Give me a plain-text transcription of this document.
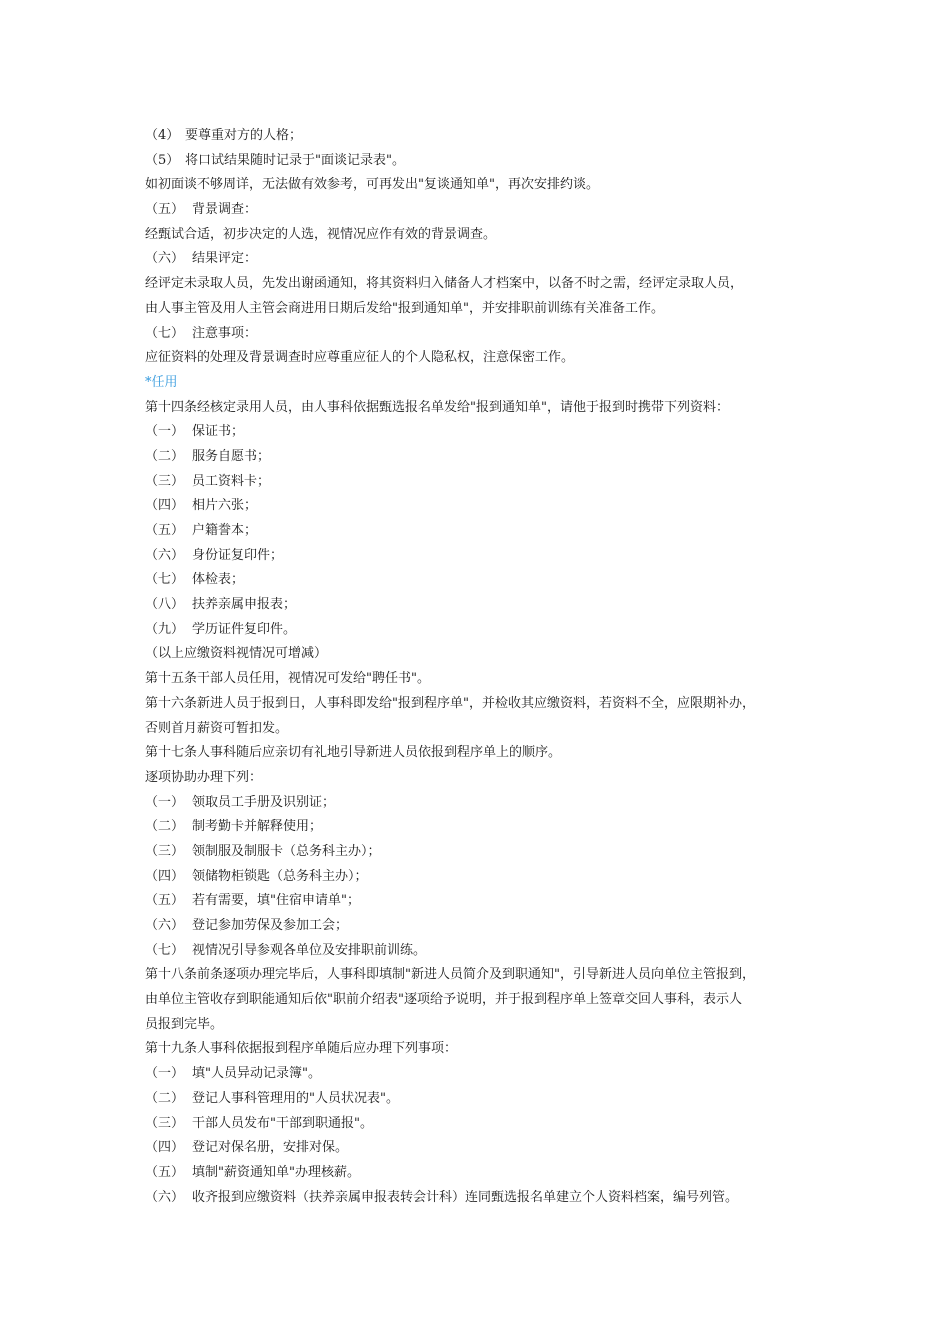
（4） 要尊重对方的人格；
（5） 将口试结果随时记录于"面谈记录表"。
如初面谈不够周详，无法做有效参考，可再发出"复谈通知单"，再次安排约谈。
（五） 背景调查：
经甄试合适，初步决定的人选，视情况应作有效的背景调查。
（六） 结果评定：
经评定未录取人员，先发出谢函通知，将其资料归入储备人才档案中，以备不时之需，经评定录取人员，
由人事主管及用人主管会商进用日期后发给"报到通知单"，并安排职前训练有关准备工作。
（七） 注意事项：
应征资料的处理及背景调查时应尊重应征人的个人隐私权，注意保密工作。
*任用
第十四条经核定录用人员，由人事科依据甄选报名单发给"报到通知单"，请他于报到时携带下列资料：
（一） 保证书；
（二） 服务自愿书；
（三） 员工资料卡；
（四） 相片六张；
（五） 户籍誊本；
（六） 身份证复印件；
（七） 体检表；
（八） 扶养亲属申报表；
（九） 学历证件复印件。
（以上应缴资料视情况可增减）
第十五条干部人员任用，视情况可发给"聘任书"。
第十六条新进人员于报到日，人事科即发给"报到程序单"，并检收其应缴资料，若资料不全，应限期补办，
否则首月薪资可暂扣发。
第十七条人事科随后应亲切有礼地引导新进人员依报到程序单上的顺序。
逐项协助办理下列：
（一） 领取员工手册及识别证；
（二） 制考勤卡并解释使用；
（三） 领制服及制服卡（总务科主办）；
（四） 领储物柜锁匙（总务科主办）；
（五） 若有需要，填"住宿申请单"；
（六） 登记参加劳保及参加工会；
（七） 视情况引导参观各单位及安排职前训练。
第十八条前条逐项办理完毕后，人事科即填制"新进人员简介及到职通知"，引导新进人员向单位主管报到，
由单位主管收存到职能通知后依"职前介绍表"逐项给予说明，并于报到程序单上签章交回人事科，表示人
员报到完毕。
第十九条人事科依据报到程序单随后应办理下列事项：
（一） 填"人员异动记录簿"。
（二） 登记人事科管理用的"人员状况表"。
（三） 干部人员发布"干部到职通报"。
（四） 登记对保名册，安排对保。
（五） 填制"薪资通知单"办理核薪。
（六） 收齐报到应缴资料（扶养亲属申报表转会计科）连同甄选报名单建立个人资料档案，编号列管。
